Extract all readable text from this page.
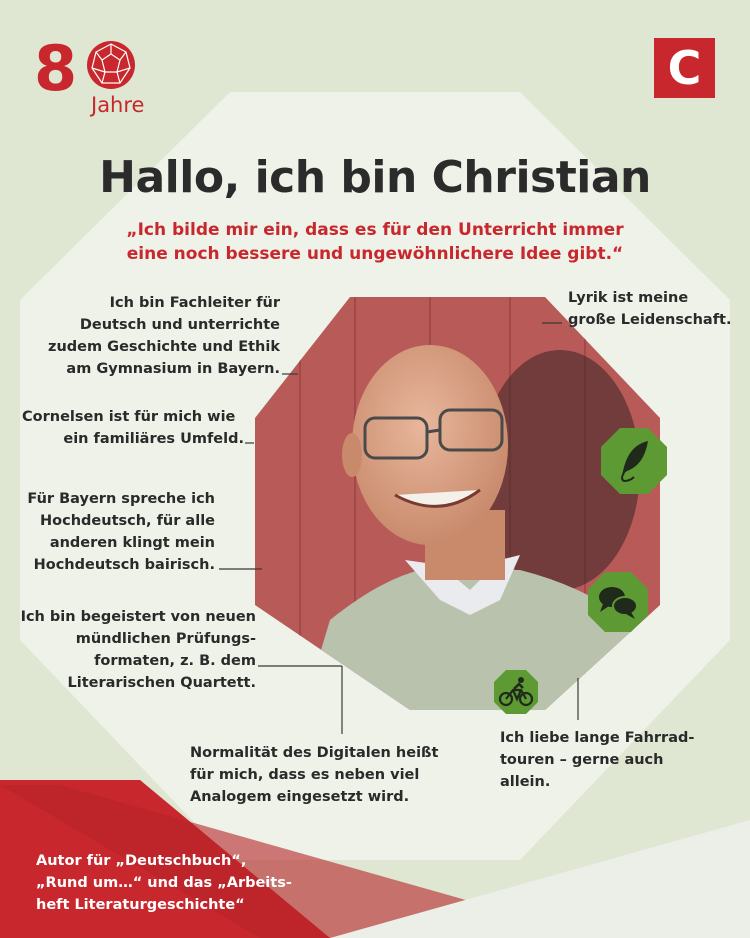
8 Jahre
C
Hallo, ich bin Christian
„Ich bilde mir ein, dass es für den Unterricht immer
eine noch bessere und ungewöhnlichere Idee gibt.“
Ich bin Fachleiter für
Deutsch und unterrichte
zudem Geschichte und Ethik
am Gymnasium in Bayern.
Cornelsen ist für mich wie
ein familiäres Umfeld.
Für Bayern spreche ich
Hochdeutsch, für alle
anderen klingt mein
Hochdeutsch bairisch.
Ich bin begeistert von neuen
mündlichen Prüfungs-
formaten, z. B. dem
Literarischen Quartett.
Normalität des Digitalen heißt
für mich, dass es neben viel
Analogem eingesetzt wird.
Lyrik ist meine
große Leidenschaft.
Ich liebe lange Fahrrad-
touren – gerne auch
allein.
Autor für „Deutschbuch“,
„Rund um…“ und das „Arbeits-
heft Literaturgeschichte“
